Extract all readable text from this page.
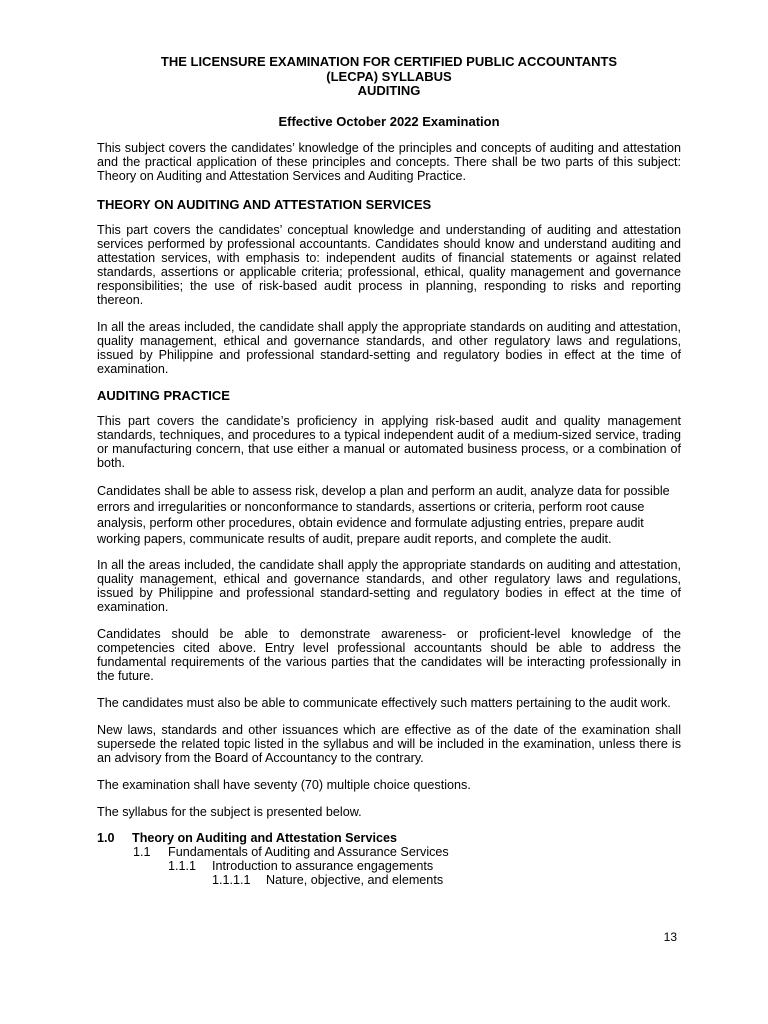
THE LICENSURE EXAMINATION FOR CERTIFIED PUBLIC ACCOUNTANTS
(LECPA) SYLLABUS
AUDITING
Effective October 2022 Examination

This subject covers the candidates’ knowledge of the principles and concepts of auditing and attestation and the practical application of these principles and concepts. There shall be two parts of this subject: Theory on Auditing and Attestation Services and Auditing Practice.

THEORY ON AUDITING AND ATTESTATION SERVICES

This part covers the candidates’ conceptual knowledge and understanding of auditing and attestation services performed by professional accountants. Candidates should know and understand auditing and attestation services, with emphasis to: independent audits of financial statements or against related standards, assertions or applicable criteria; professional, ethical, quality management and governance responsibilities; the use of risk-based audit process in planning, responding to risks and reporting thereon.

In all the areas included, the candidate shall apply the appropriate standards on auditing and attestation, quality management, ethical and governance standards, and other regulatory laws and regulations, issued by Philippine and professional standard-setting and regulatory bodies in effect at the time of examination.

AUDITING PRACTICE

This part covers the candidate’s proficiency in applying risk-based audit and quality management standards, techniques, and procedures to a typical independent audit of a medium-sized service, trading or manufacturing concern, that use either a manual or automated business process, or a combination of both.

Candidates shall be able to assess risk, develop a plan and perform an audit, analyze data for possible errors and irregularities or nonconformance to standards, assertions or criteria, perform root cause analysis, perform other procedures, obtain evidence and formulate adjusting entries, prepare audit working papers, communicate results of audit, prepare audit reports, and complete the audit.

In all the areas included, the candidate shall apply the appropriate standards on auditing and attestation, quality management, ethical and governance standards, and other regulatory laws and regulations, issued by Philippine and professional standard-setting and regulatory bodies in effect at the time of examination.

Candidates should be able to demonstrate awareness- or proficient-level knowledge of the competencies cited above. Entry level professional accountants should be able to address the fundamental requirements of the various parties that the candidates will be interacting professionally in the future.

The candidates must also be able to communicate effectively such matters pertaining to the audit work.

New laws, standards and other issuances which are effective as of the date of the examination shall supersede the related topic listed in the syllabus and will be included in the examination, unless there is an advisory from the Board of Accountancy to the contrary.

The examination shall have seventy (70) multiple choice questions.

The syllabus for the subject is presented below.

1.0	Theory on Auditing and Attestation Services
1.1	Fundamentals of Auditing and Assurance Services
1.1.1	Introduction to assurance engagements
1.1.1.1	Nature, objective, and elements
13
